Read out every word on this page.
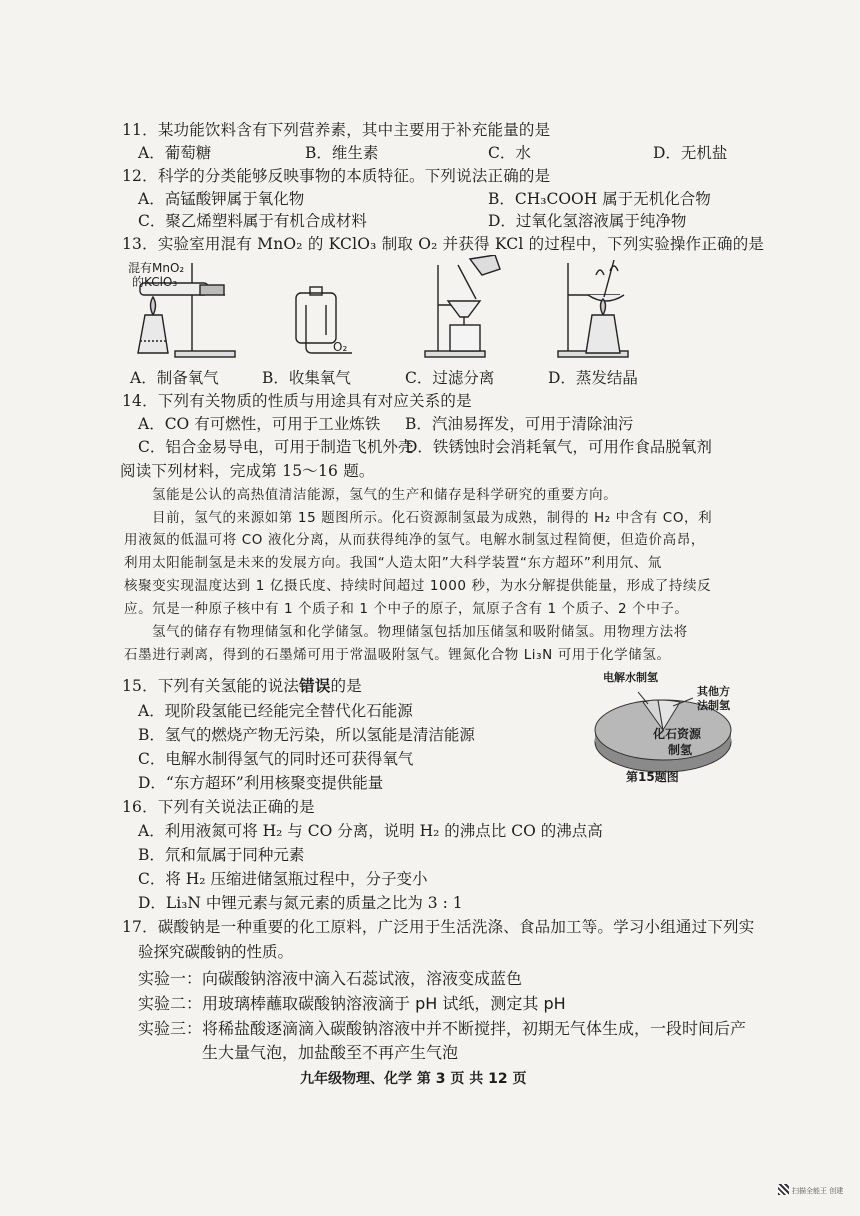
11．某功能饮料含有下列营养素，其中主要用于补充能量的是
A．葡萄糖	B．维生素	C．水	D．无机盐
12．科学的分类能够反映事物的本质特征。下列说法正确的是
A．高锰酸钾属于氧化物	B．CH₃COOH 属于无机化合物
C．聚乙烯塑料属于有机合成材料	D．过氧化氢溶液属于纯净物
13．实验室用混有 MnO₂ 的 KClO₃ 制取 O₂ 并获得 KCl 的过程中，下列实验操作正确的是
混有MnO₂
的KClO₃
O₂
A．制备氧气	B．收集氧气	C．过滤分离	D．蒸发结晶
14．下列有关物质的性质与用途具有对应关系的是
A．CO 有可燃性，可用于工业炼铁 B．汽油易挥发，可用于清除油污
C．铝合金易导电，可用于制造飞机外壳
D．铁锈蚀时会消耗氧气，可用作食品脱氧剂
阅读下列材料，完成第 15～16 题。
氢能是公认的高热值清洁能源，氢气的生产和储存是科学研究的重要方向。
目前，氢气的来源如第 15 题图所示。化石资源制氢最为成熟，制得的 H₂ 中含有 CO，利
用液氮的低温可将 CO 液化分离，从而获得纯净的氢气。电解水制氢过程简便，但造价高昂，
利用太阳能制氢是未来的发展方向。我国“人造太阳”大科学装置“东方超环”利用氘、氚
核聚变实现温度达到 1 亿摄氏度、持续时间超过 1000 秒，为水分解提供能量，形成了持续反
应。氘是一种原子核中有 1 个质子和 1 个中子的原子，氚原子含有 1 个质子、2 个中子。
氢气的储存有物理储氢和化学储氢。物理储氢包括加压储氢和吸附储氢。用物理方法将
石墨进行剥离，得到的石墨烯可用于常温吸附氢气。锂氮化合物 Li₃N 可用于化学储氢。
15．下列有关氢能的说法错误的是
A．现阶段氢能已经能完全替代化石能源
B．氢气的燃烧产物无污染，所以氢能是清洁能源
C．电解水制得氢气的同时还可获得氧气
D．“东方超环”利用核聚变提供能量
电解水制氢
其他方
法制氢
化石资源
制氢
第15题图
16．下列有关说法正确的是
A．利用液氮可将 H₂ 与 CO 分离，说明 H₂ 的沸点比 CO 的沸点高
B．氘和氚属于同种元素
C．将 H₂ 压缩进储氢瓶过程中，分子变小
D．Li₃N 中锂元素与氮元素的质量之比为 3 : 1
17．碳酸钠是一种重要的化工原料，广泛用于生活洗涤、食品加工等。学习小组通过下列实
验探究碳酸钠的性质。
实验一：向碳酸钠溶液中滴入石蕊试液，溶液变成蓝色
实验二：用玻璃棒蘸取碳酸钠溶液滴于 pH 试纸，测定其 pH
实验三：将稀盐酸逐滴滴入碳酸钠溶液中并不断搅拌，初期无气体生成，一段时间后产
生大量气泡，加盐酸至不再产生气泡
九年级物理、化学 第 3 页 共 12 页
扫描全能王 创建
